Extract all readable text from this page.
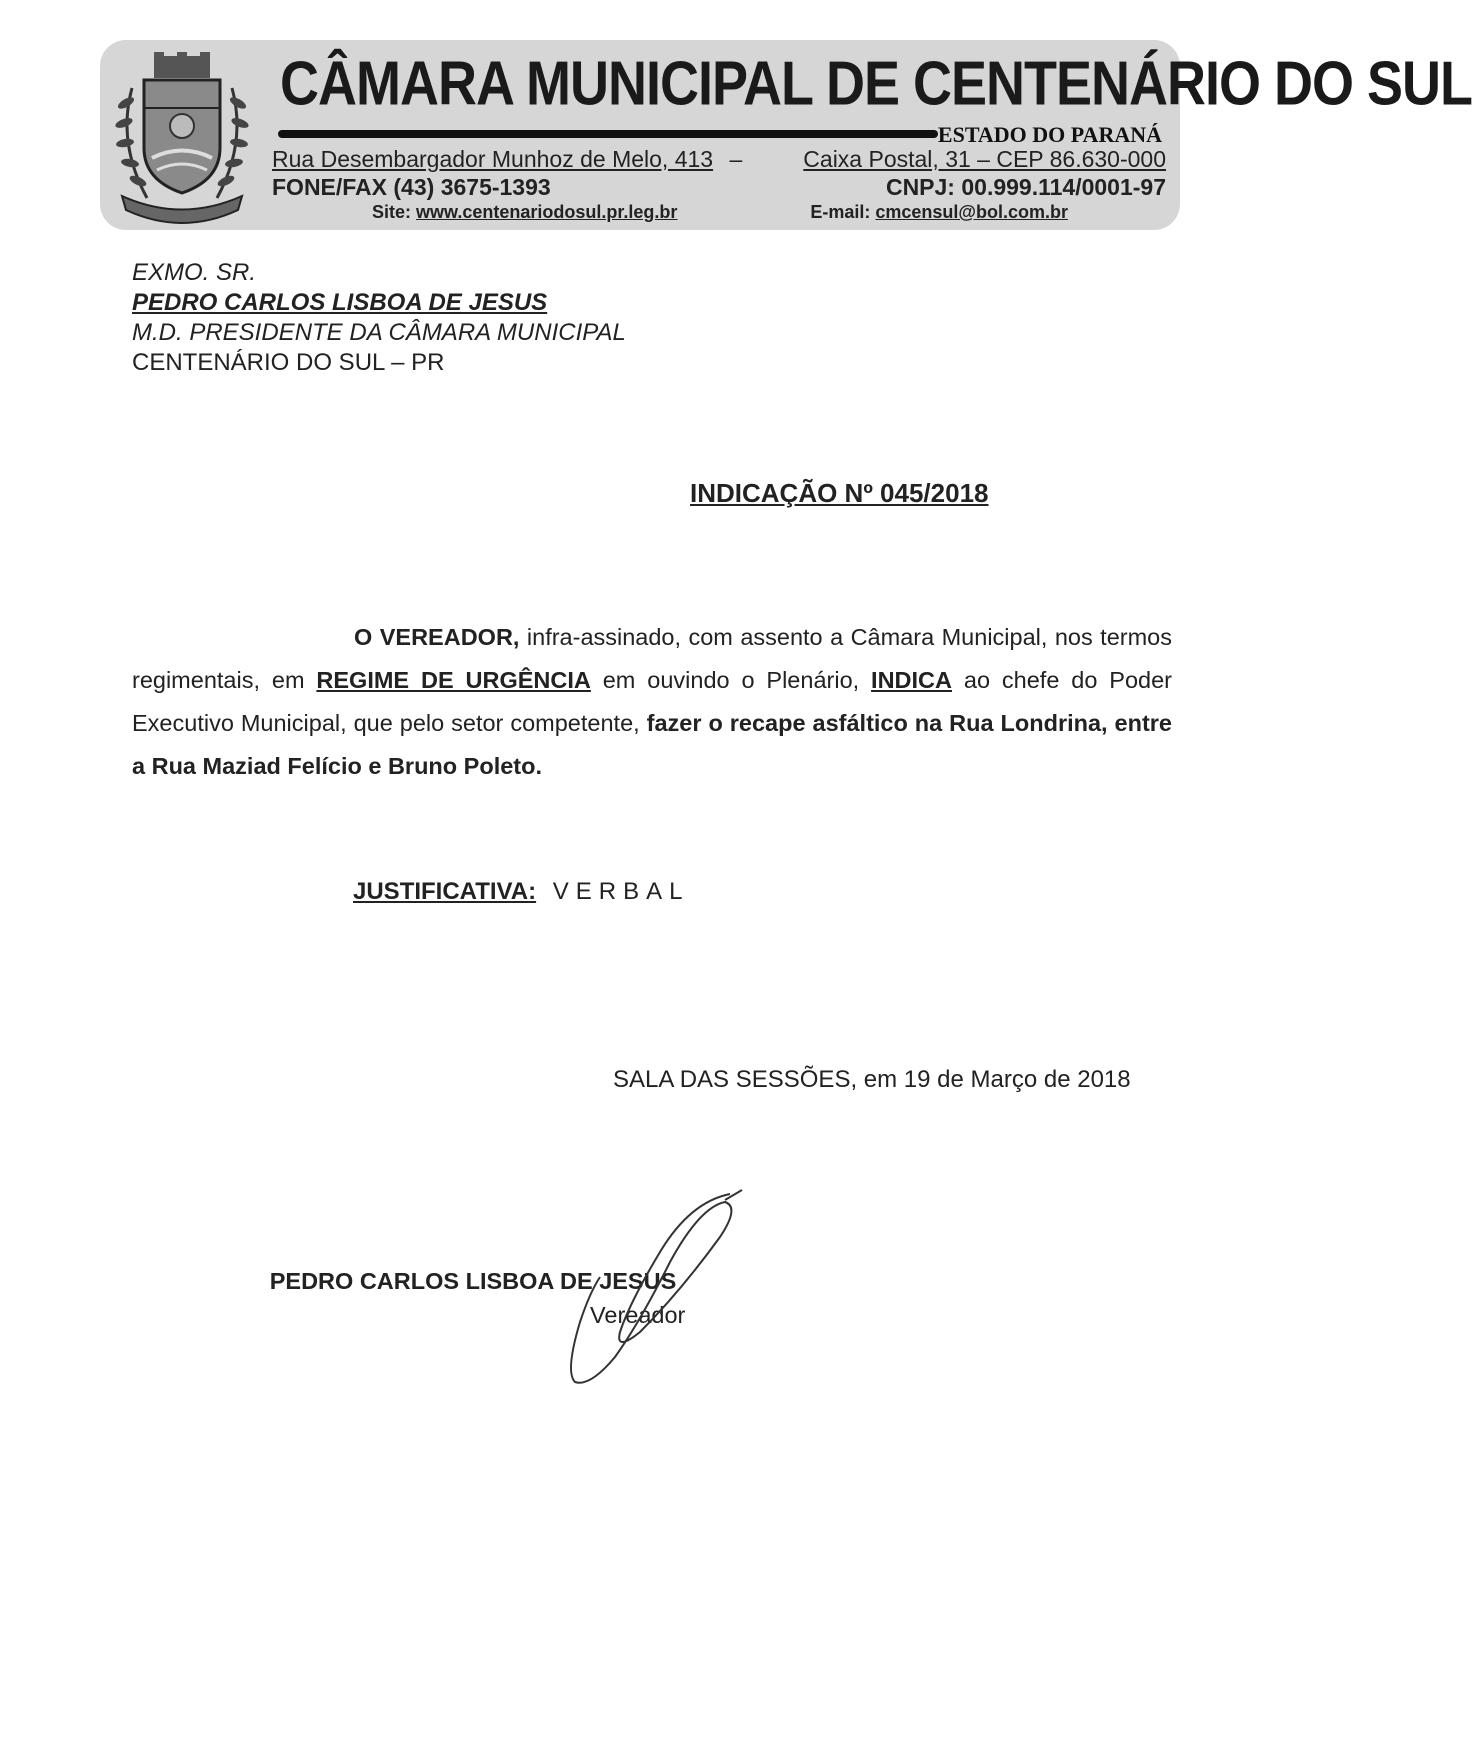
CÂMARA MUNICIPAL DE CENTENÁRIO DO SUL
ESTADO DO PARANÁ
Rua Desembargador Munhoz de Melo, 413 –	Caixa Postal, 31 – CEP 86.630-000
FONE/FAX (43) 3675-1393	CNPJ: 00.999.114/0001-97
Site: www.centenariodosul.pr.leg.br	E-mail: cmcensul@bol.com.br
EXMO. SR.
PEDRO CARLOS LISBOA DE JESUS
M.D. PRESIDENTE DA CÂMARA MUNICIPAL
CENTENÁRIO DO SUL – PR
INDICAÇÃO Nº 045/2018
O VEREADOR, infra-assinado, com assento a Câmara Municipal, nos termos regimentais, em REGIME DE URGÊNCIA em ouvindo o Plenário, INDICA ao chefe do Poder Executivo Municipal, que pelo setor competente, fazer o recape asfáltico na Rua Londrina, entre a Rua Maziad Felício e Bruno Poleto.
JUSTIFICATIVA: VERBAL
SALA DAS SESSÕES, em 19 de Março de 2018
PEDRO CARLOS LISBOA DE JESUS
Vereador
